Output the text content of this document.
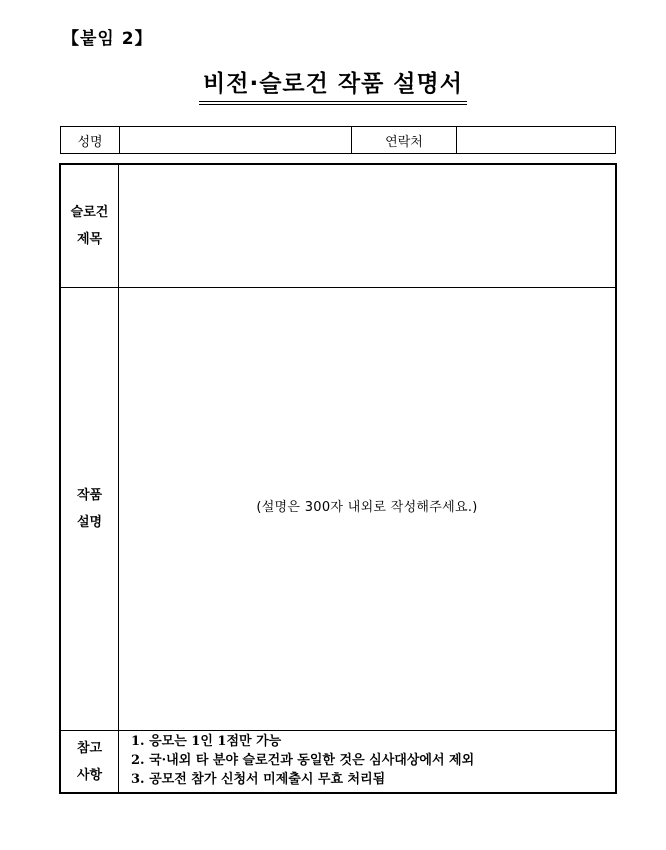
【붙임 2】
비전·슬로건 작품 설명서
성명	연락처
슬로건
제목
작품
설명
(설명은 300자 내외로 작성해주세요.)
참고
사항
1. 응모는 1인 1점만 가능
2. 국·내외 타 분야 슬로건과 동일한 것은 심사대상에서 제외
3. 공모전 참가 신청서 미제출시 무효 처리됨
